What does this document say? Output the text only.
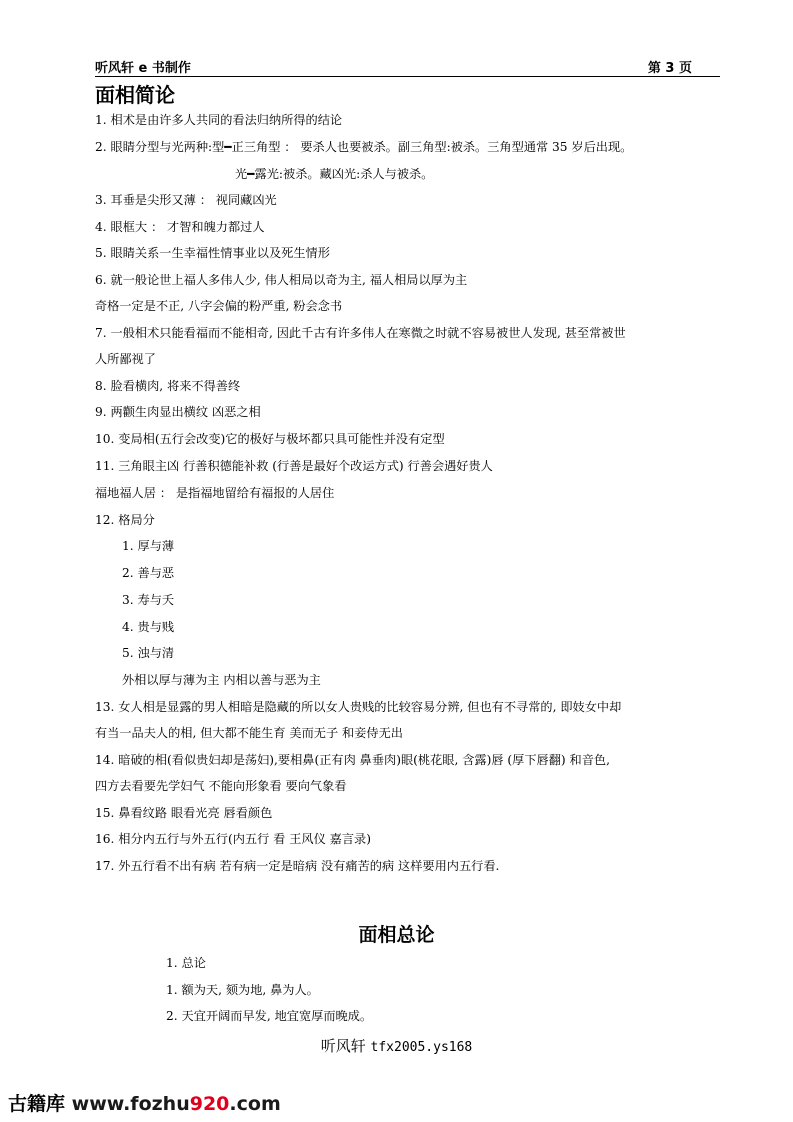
听风轩 e 书制作	第 3 页
面相简论
1. 相术是由许多人共同的看法归纳所得的结论
2. 眼睛分型与光两种:型━正三角型 ： 要杀人也要被杀。副三角型:被杀。三角型通常 35 岁后出现。
光━露光:被杀。藏凶光:杀人与被杀。
3. 耳垂是尖形又薄 ： 视同藏凶光
4. 眼框大 ： 才智和魄力都过人
5. 眼睛关系一生幸福性情事业以及死生情形
6. 就一般论世上福人多伟人少, 伟人相局以奇为主, 福人相局以厚为主
奇格一定是不正, 八字会偏的粉严重, 粉会念书
7. 一般相术只能看福而不能相奇, 因此千古有许多伟人在寒微之时就不容易被世人发现, 甚至常被世
人所鄙视了
8. 脸看横肉, 将来不得善终
9. 两颧生肉显出横纹 凶恶之相
10. 变局相(五行会改变)它的极好与极坏都只具可能性并没有定型
11. 三角眼主凶 行善积德能补救 (行善是最好个改运方式) 行善会遇好贵人
福地福人居 ： 是指福地留给有福报的人居住
12. 格局分
1. 厚与薄
2. 善与恶
3. 寿与夭
4. 贵与贱
5. 浊与清
外相以厚与薄为主 内相以善与恶为主
13. 女人相是显露的男人相暗是隐藏的所以女人贵贱的比较容易分辨, 但也有不寻常的, 即妓女中却
有当一品夫人的相, 但大都不能生育 美而无子 和妾侍无出
14. 暗破的相(看似贵妇却是荡妇),要相鼻(正有肉 鼻垂肉)眼(桃花眼, 含露)唇 (厚下唇翻) 和音色,
四方去看要先学妇气 不能向形象看 要向气象看
15. 鼻看纹路 眼看光亮 唇看颜色
16. 相分内五行与外五行(内五行 看 王风仪 嘉言录)
17. 外五行看不出有病 若有病一定是暗病 没有痛苦的病 这样要用内五行看.
面相总论
1. 总论
1. 额为天, 颏为地, 鼻为人。
2. 天宜开阔而早发, 地宜宽厚而晚成。
听风轩 tfx2005.ys168
古籍库 www.fozhu920.com
